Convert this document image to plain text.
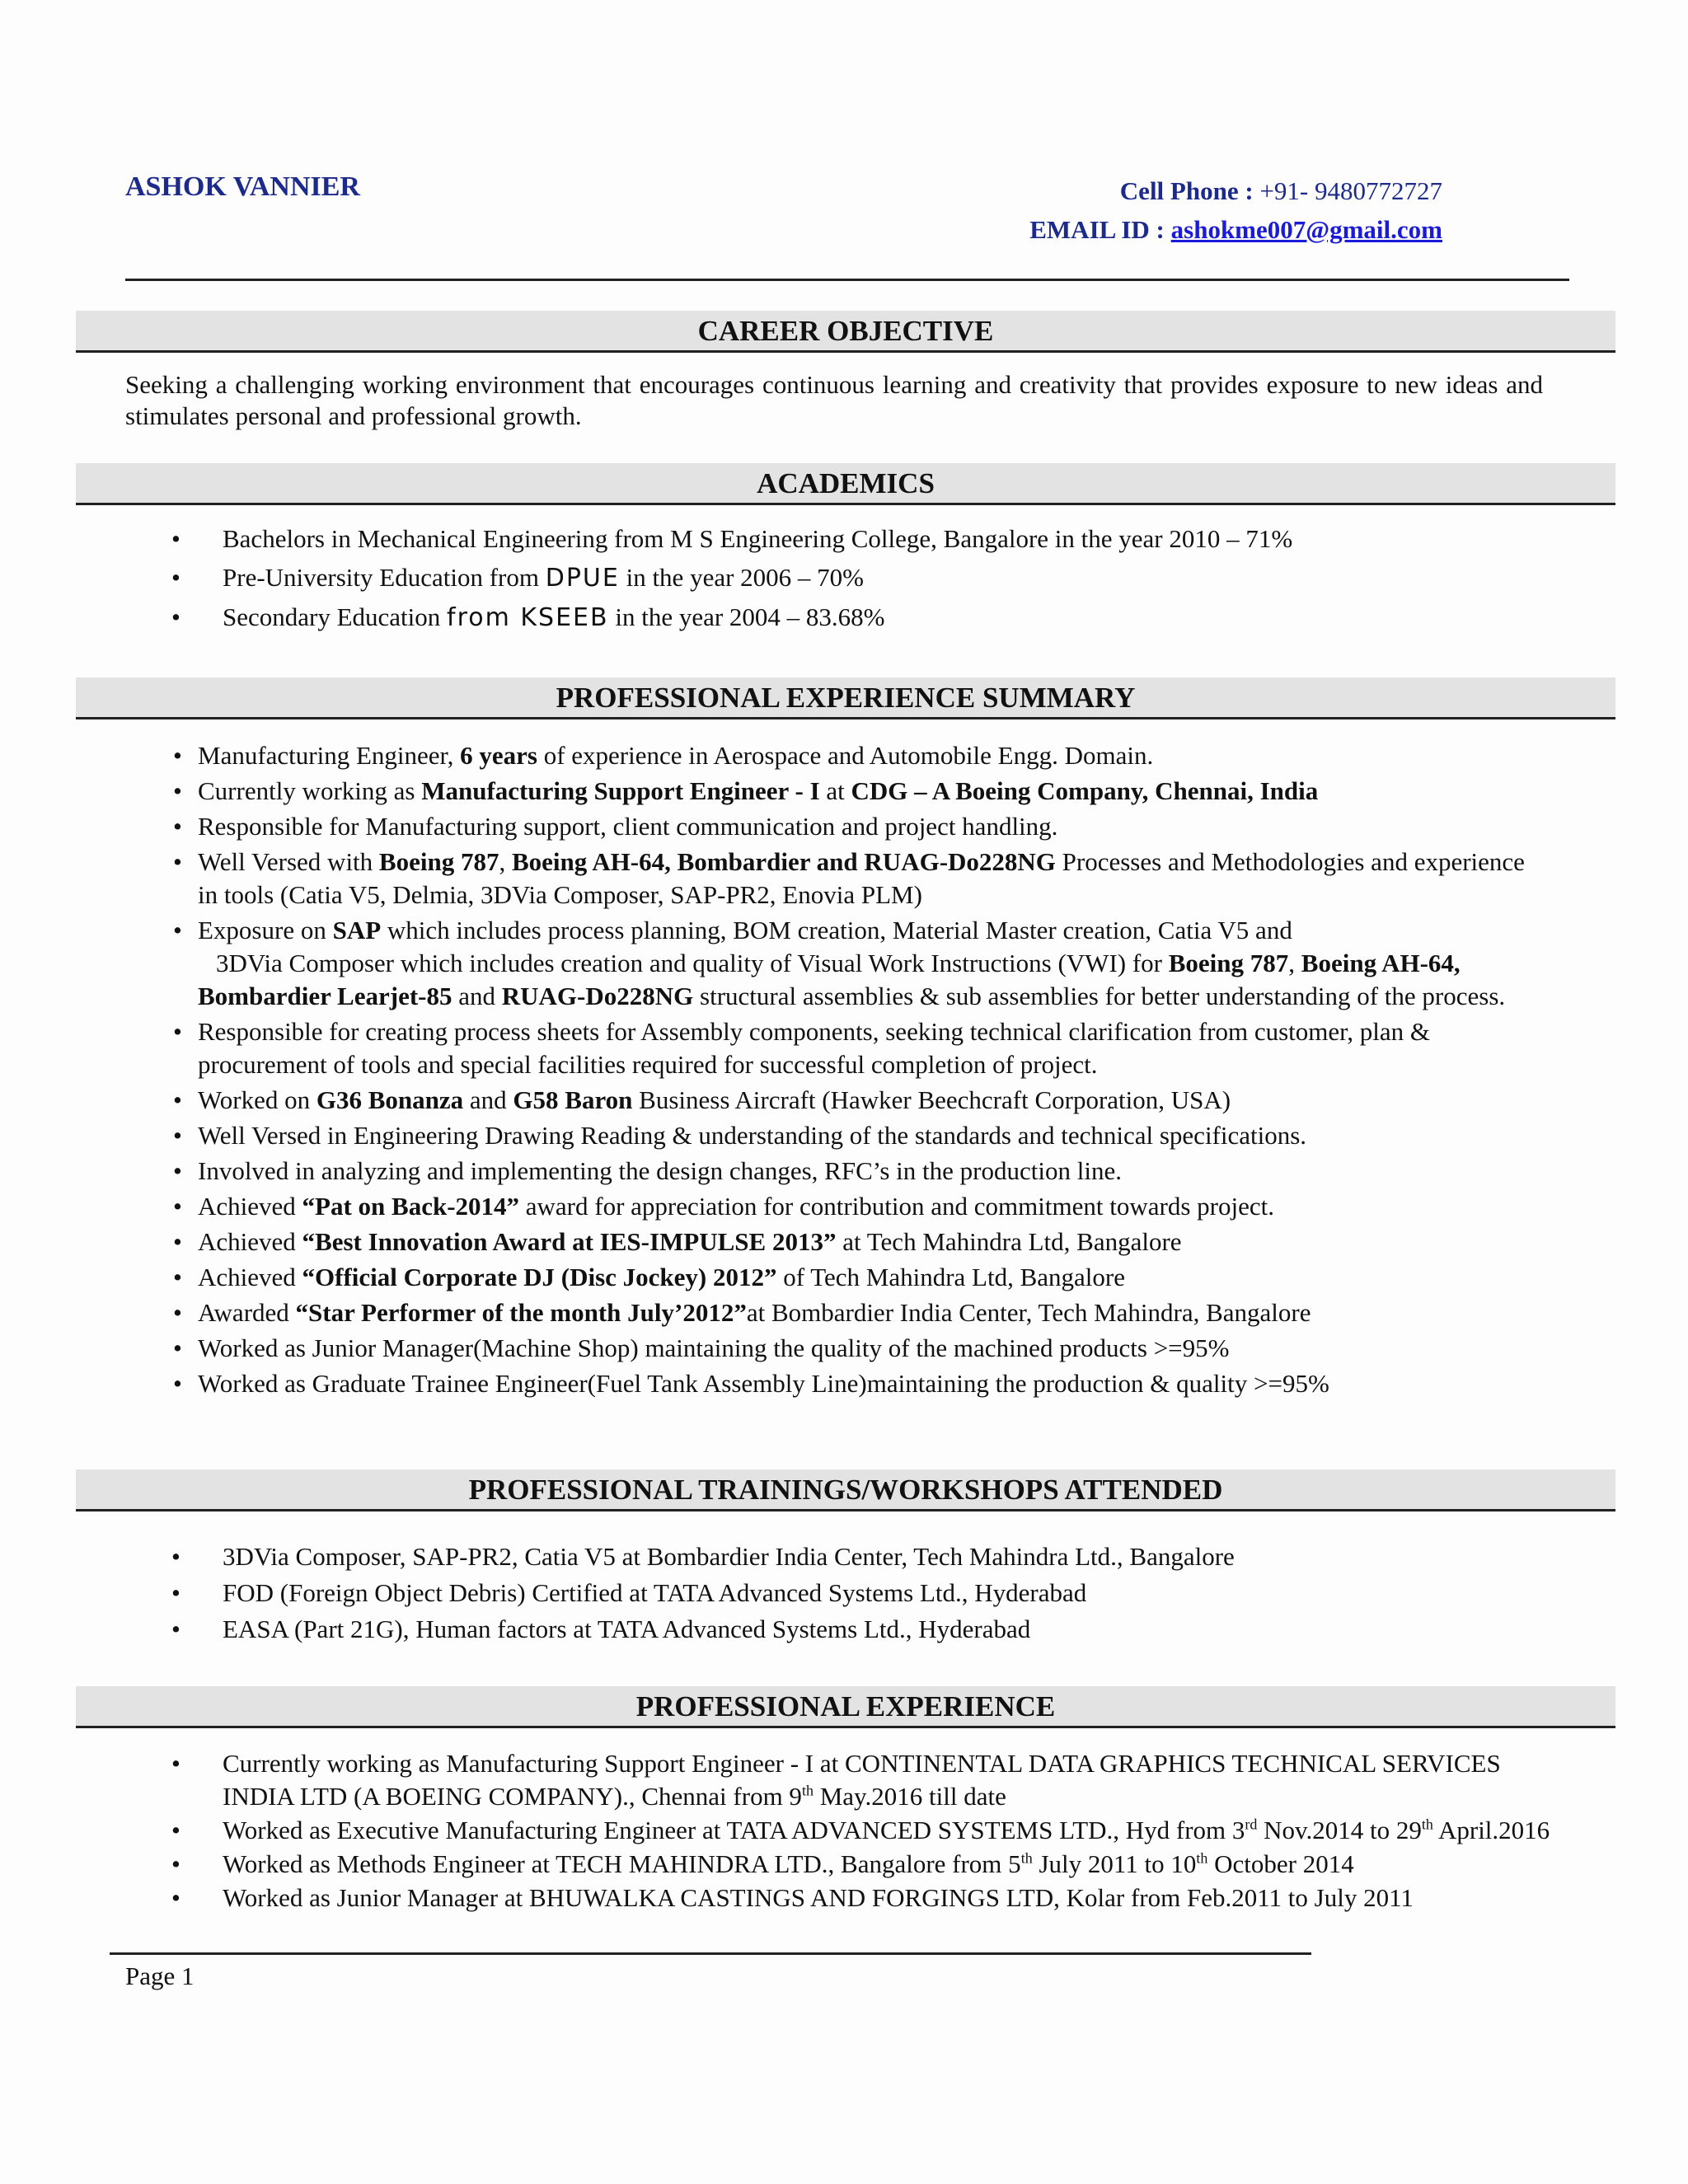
ASHOK VANNIER	Cell Phone : +91- 9480772727
EMAIL ID : ashokme007@gmail.com
CAREER OBJECTIVE
Seeking a challenging working environment that encourages continuous learning and creativity that provides exposure to new ideas and stimulates personal and professional growth.
ACADEMICS
• Bachelors in Mechanical Engineering from M S Engineering College, Bangalore in the year 2010 – 71%
• Pre-University Education from DPUE in the year 2006 – 70%
• Secondary Education from KSEEB in the year 2004 – 83.68%
PROFESSIONAL EXPERIENCE SUMMARY
• Manufacturing Engineer, 6 years of experience in Aerospace and Automobile Engg. Domain.
• Currently working as Manufacturing Support Engineer - I at CDG – A Boeing Company, Chennai, India
• Responsible for Manufacturing support, client communication and project handling.
• Well Versed with Boeing 787, Boeing AH-64, Bombardier and RUAG-Do228NG Processes and Methodologies and experience in tools (Catia V5, Delmia, 3DVia Composer, SAP-PR2, Enovia PLM)
• Exposure on SAP which includes process planning, BOM creation, Material Master creation, Catia V5 and
3DVia Composer which includes creation and quality of Visual Work Instructions (VWI) for Boeing 787, Boeing AH-64, Bombardier Learjet-85 and RUAG-Do228NG structural assemblies & sub assemblies for better understanding of the process.
• Responsible for creating process sheets for Assembly components, seeking technical clarification from customer, plan & procurement of tools and special facilities required for successful completion of project.
• Worked on G36 Bonanza and G58 Baron Business Aircraft (Hawker Beechcraft Corporation, USA)
• Well Versed in Engineering Drawing Reading & understanding of the standards and technical specifications.
• Involved in analyzing and implementing the design changes, RFC’s in the production line.
• Achieved “Pat on Back-2014” award for appreciation for contribution and commitment towards project.
• Achieved “Best Innovation Award at IES-IMPULSE 2013” at Tech Mahindra Ltd, Bangalore
• Achieved “Official Corporate DJ (Disc Jockey) 2012” of Tech Mahindra Ltd, Bangalore
• Awarded “Star Performer of the month July’2012”at Bombardier India Center, Tech Mahindra, Bangalore
• Worked as Junior Manager(Machine Shop) maintaining the quality of the machined products >=95%
• Worked as Graduate Trainee Engineer(Fuel Tank Assembly Line)maintaining the production & quality >=95%
PROFESSIONAL TRAININGS/WORKSHOPS ATTENDED
• 3DVia Composer, SAP-PR2, Catia V5 at Bombardier India Center, Tech Mahindra Ltd., Bangalore
• FOD (Foreign Object Debris) Certified at TATA Advanced Systems Ltd., Hyderabad
• EASA (Part 21G), Human factors at TATA Advanced Systems Ltd., Hyderabad
PROFESSIONAL EXPERIENCE
• Currently working as Manufacturing Support Engineer - I at CONTINENTAL DATA GRAPHICS TECHNICAL SERVICES INDIA LTD (A BOEING COMPANY)., Chennai from 9th May.2016 till date
• Worked as Executive Manufacturing Engineer at TATA ADVANCED SYSTEMS LTD., Hyd from 3rd Nov.2014 to 29th April.2016
• Worked as Methods Engineer at TECH MAHINDRA LTD., Bangalore from 5th July 2011 to 10th October 2014
• Worked as Junior Manager at BHUWALKA CASTINGS AND FORGINGS LTD, Kolar from Feb.2011 to July 2011
Page 1
